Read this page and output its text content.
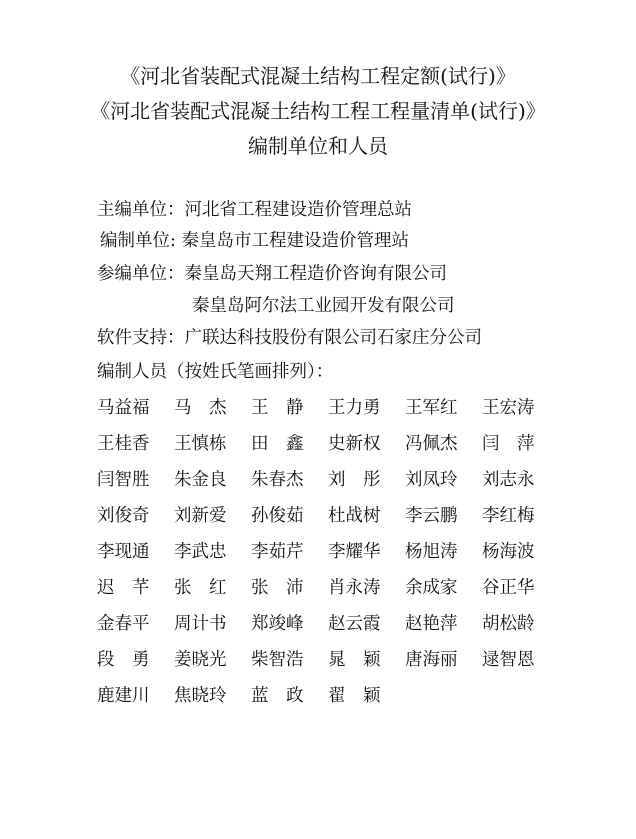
《河北省装配式混凝土结构工程定额(试行)》
《河北省装配式混凝土结构工程工程量清单(试行)》
编制单位和人员
主编单位：河北省工程建设造价管理总站
编制单位: 秦皇岛市工程建设造价管理站
参编单位：秦皇岛天翔工程造价咨询有限公司
秦皇岛阿尔法工业园开发有限公司
软件支持：广联达科技股份有限公司石家庄分公司
编制人员（按姓氏笔画排列）：
马益福 马　杰 王　静 王力勇 王军红 王宏涛
王桂香 王慎栋 田　鑫 史新权 冯佩杰 闫　萍
闫智胜 朱金良 朱春杰 刘　彤 刘凤玲 刘志永
刘俊奇 刘新爱 孙俊茹 杜战树 李云鹏 李红梅
李现通 李武忠 李茹芹 李耀华 杨旭涛 杨海波
迟　芊 张　红 张　沛 肖永涛 余成家 谷正华
金春平 周计书 郑竣峰 赵云霞 赵艳萍 胡松龄
段　勇 姜晓光 柴智浩 晁　颖 唐海丽 逯智恩
鹿建川 焦晓玲 蓝　政 翟　颖
